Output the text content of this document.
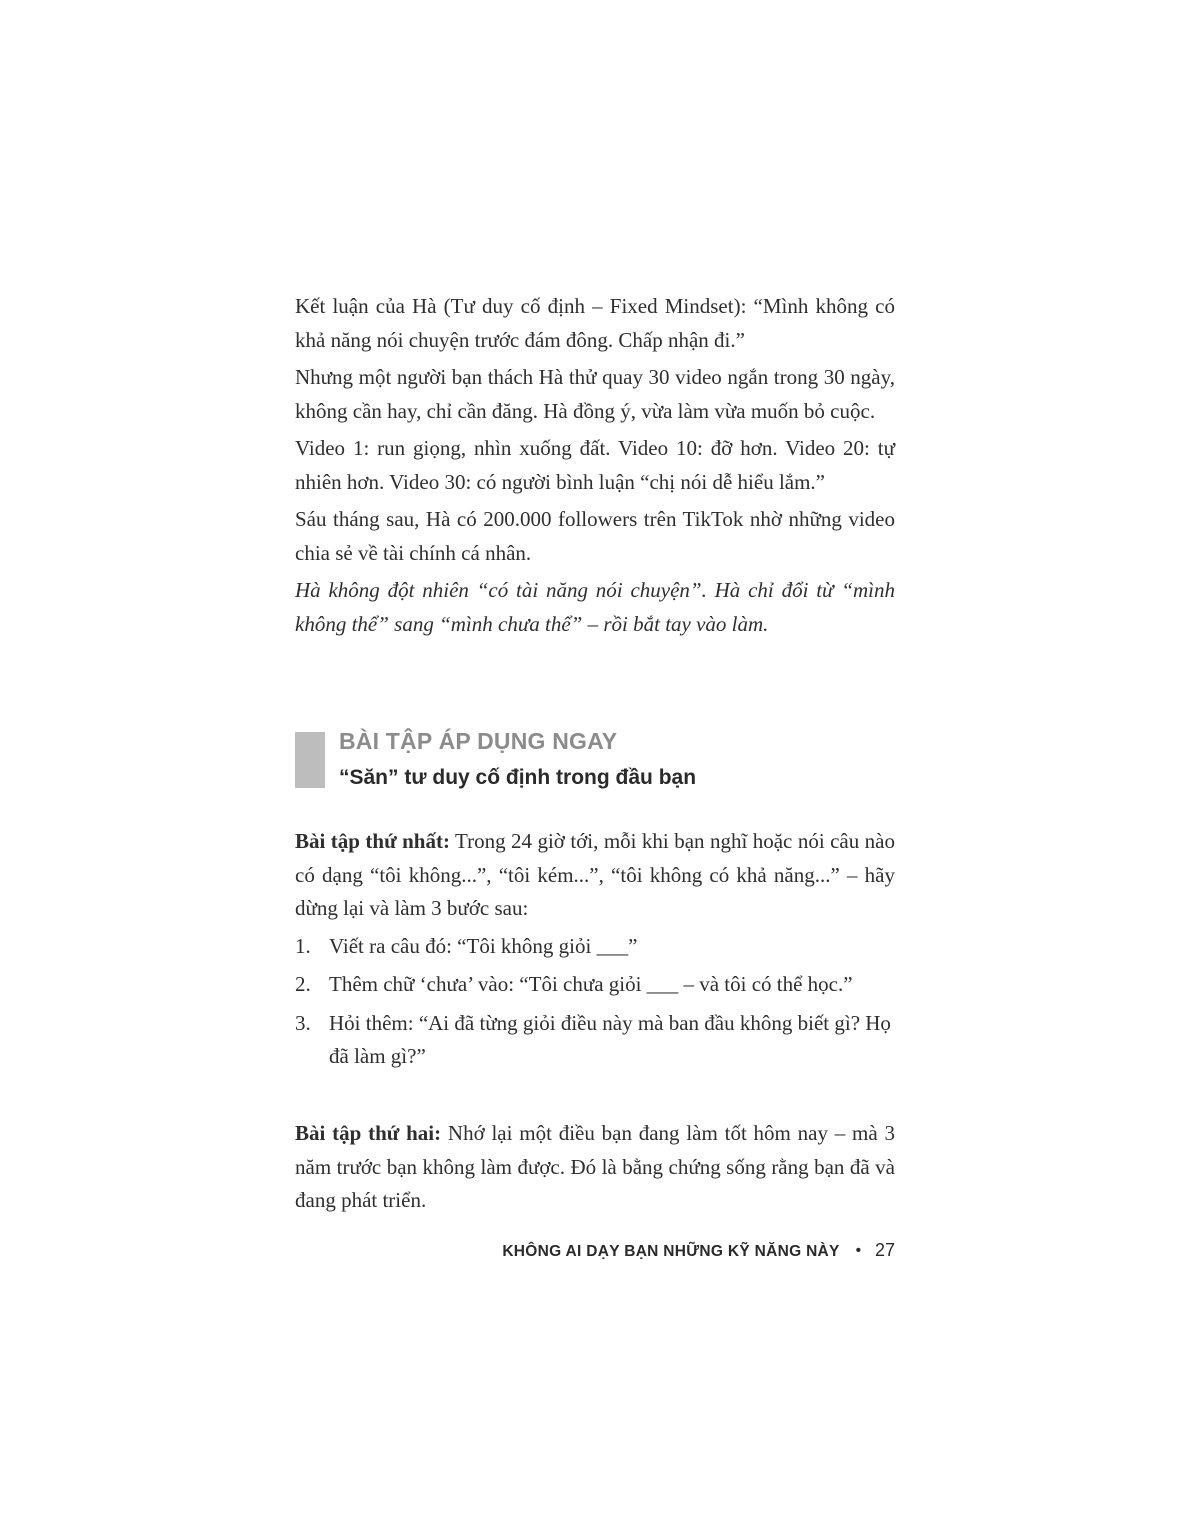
Kết luận của Hà (Tư duy cố định – Fixed Mindset): “Mình không có khả năng nói chuyện trước đám đông. Chấp nhận đi.”

Nhưng một người bạn thách Hà thử quay 30 video ngắn trong 30 ngày, không cần hay, chỉ cần đăng. Hà đồng ý, vừa làm vừa muốn bỏ cuộc.

Video 1: run giọng, nhìn xuống đất. Video 10: đỡ hơn. Video 20: tự nhiên hơn. Video 30: có người bình luận “chị nói dễ hiểu lắm.”

Sáu tháng sau, Hà có 200.000 followers trên TikTok nhờ những video chia sẻ về tài chính cá nhân.

Hà không đột nhiên “có tài năng nói chuyện”. Hà chỉ đổi từ “mình không thể” sang “mình chưa thể” – rồi bắt tay vào làm.

BÀI TẬP ÁP DỤNG NGAY
“Săn” tư duy cố định trong đầu bạn

Bài tập thứ nhất: Trong 24 giờ tới, mỗi khi bạn nghĩ hoặc nói câu nào có dạng “tôi không...”, “tôi kém...”, “tôi không có khả năng...” – hãy dừng lại và làm 3 bước sau:

1. Viết ra câu đó: “Tôi không giỏi ___”
2. Thêm chữ ‘chưa’ vào: “Tôi chưa giỏi ___ – và tôi có thể học.”
3. Hỏi thêm: “Ai đã từng giỏi điều này mà ban đầu không biết gì? Họ đã làm gì?”

Bài tập thứ hai: Nhớ lại một điều bạn đang làm tốt hôm nay – mà 3 năm trước bạn không làm được. Đó là bằng chứng sống rằng bạn đã và đang phát triển.

KHÔNG AI DẠY BẠN NHỮNG KỸ NĂNG NÀY • 27
